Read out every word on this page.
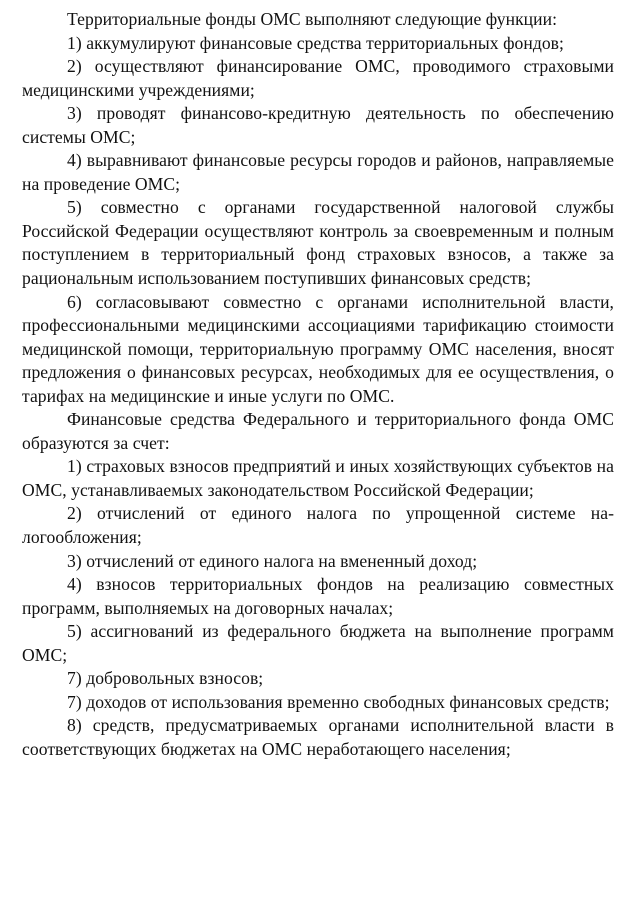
Территориальные фонды ОМС выполняют следующие функции:

1) аккумулируют финансовые средства территориальных фондов;

2) осуществляют финансирование ОМС, проводимого страховыми медицинскими учреждениями;

3) проводят финансово-кредитную деятельность по обеспечению системы ОМС;

4) выравнивают финансовые ресурсы городов и районов, направляемые на проведение ОМС;

5) совместно с органами государственной налоговой службы Российской Федерации осуществляют контроль за своевременным и полным поступлением в территориальный фонд страховых взносов, а также за рациональным использованием поступивших финансовых средств;

6) согласовывают совместно с органами исполнительной власти, профессиональными медицинскими ассоциациями тарификацию стоимости медицинской помощи, территориальную программу ОМС населения, вносят предложения о финансовых ресурсах, необходимых для ее осуществления, о тарифах на медицинские и иные услуги по ОМС.

Финансовые средства Федерального и территориального фонда ОМС образуются за счет:

1) страховых взносов предприятий и иных хозяйствующих субъектов на ОМС, устанавливаемых законодательством Российской Федерации;

2) отчислений от единого налога по упрощенной системе налогообложения;

3) отчислений от единого налога на вмененный доход;

4) взносов территориальных фондов на реализацию совместных программ, выполняемых на договорных началах;

5) ассигнований из федерального бюджета на выполнение программ ОМС;

7) добровольных взносов;

7) доходов от использования временно свободных финансовых средств;

8) средств, предусматриваемых органами исполнительной власти в соответствующих бюджетах на ОМС неработающего населения;
